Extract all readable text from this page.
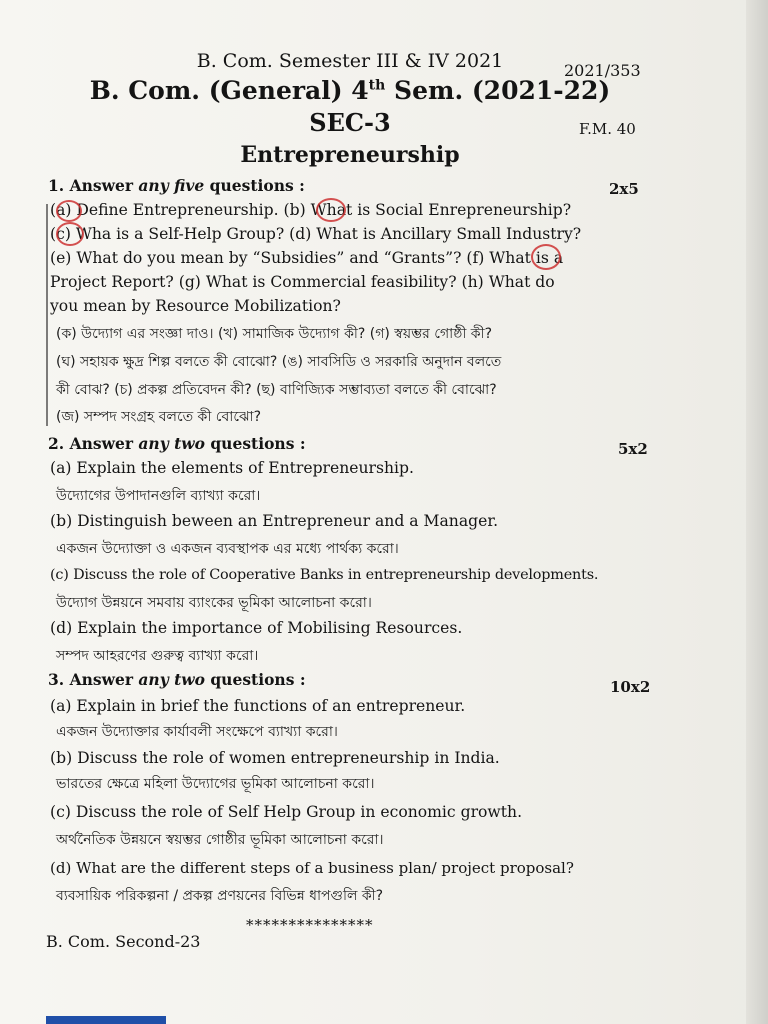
B. Com. Semester III & IV 2021	2021/353
B. Com. (General) 4th Sem. (2021-22)
SEC-3	F.M. 40
Entrepreneurship
1. Answer any five questions :	2x5
(a) Define Entrepreneurship. (b) What is Social Enrepreneurship?
(c) Wha is a Self-Help Group? (d) What is Ancillary Small Industry?
(e) What do you mean by “Subsidies” and “Grants”? (f) What is a
Project Report? (g) What is Commercial feasibility? (h) What do
you mean by Resource Mobilization?
(ক) উদ্যোগ এর সংজ্ঞা দাও। (খ) সামাজিক উদ্যোগ কী? (গ) স্বয়ম্ভর গোষ্ঠী কী?
(ঘ) সহায়ক ক্ষুদ্র শিল্প বলতে কী বোঝো? (ঙ) সাবসিডি ও সরকারি অনুদান বলতে
কী বোঝ? (চ) প্রকল্প প্রতিবেদন কী? (ছ) বাণিজ্যিক সম্ভাব্যতা বলতে কী বোঝো?
(জ) সম্পদ সংগ্রহ বলতে কী বোঝো?
2. Answer any two questions :	5x2
(a) Explain the elements of Entrepreneurship.
উদ্যোগের উপাদানগুলি ব্যাখ্যা করো।
(b) Distinguish beween an Entrepreneur and a Manager.
একজন উদ্যোক্তা ও একজন ব্যবস্থাপক এর মধ্যে পার্থক্য করো।
(c) Discuss the role of Cooperative Banks in entrepreneurship developments.
উদ্যোগ উন্নয়নে সমবায় ব্যাংকের ভূমিকা আলোচনা করো।
(d) Explain the importance of Mobilising Resources.
সম্পদ আহরণের গুরুত্ব ব্যাখ্যা করো।
3. Answer any two questions :	10x2
(a) Explain in brief the functions of an entrepreneur.
একজন উদ্যোক্তার কার্যাবলী সংক্ষেপে ব্যাখ্যা করো।
(b) Discuss the role of women entrepreneurship in India.
ভারতের ক্ষেত্রে মহিলা উদ্যোগের ভূমিকা আলোচনা করো।
(c) Discuss the role of Self Help Group in economic growth.
অর্থনৈতিক উন্নয়নে স্বয়ম্ভর গোষ্ঠীর ভূমিকা আলোচনা করো।
(d) What are the different steps of a business plan/ project proposal?
ব্যবসায়িক পরিকল্পনা / প্রকল্প প্রণয়নের বিভিন্ন ধাপগুলি কী?
***************
B. Com. Second-23
